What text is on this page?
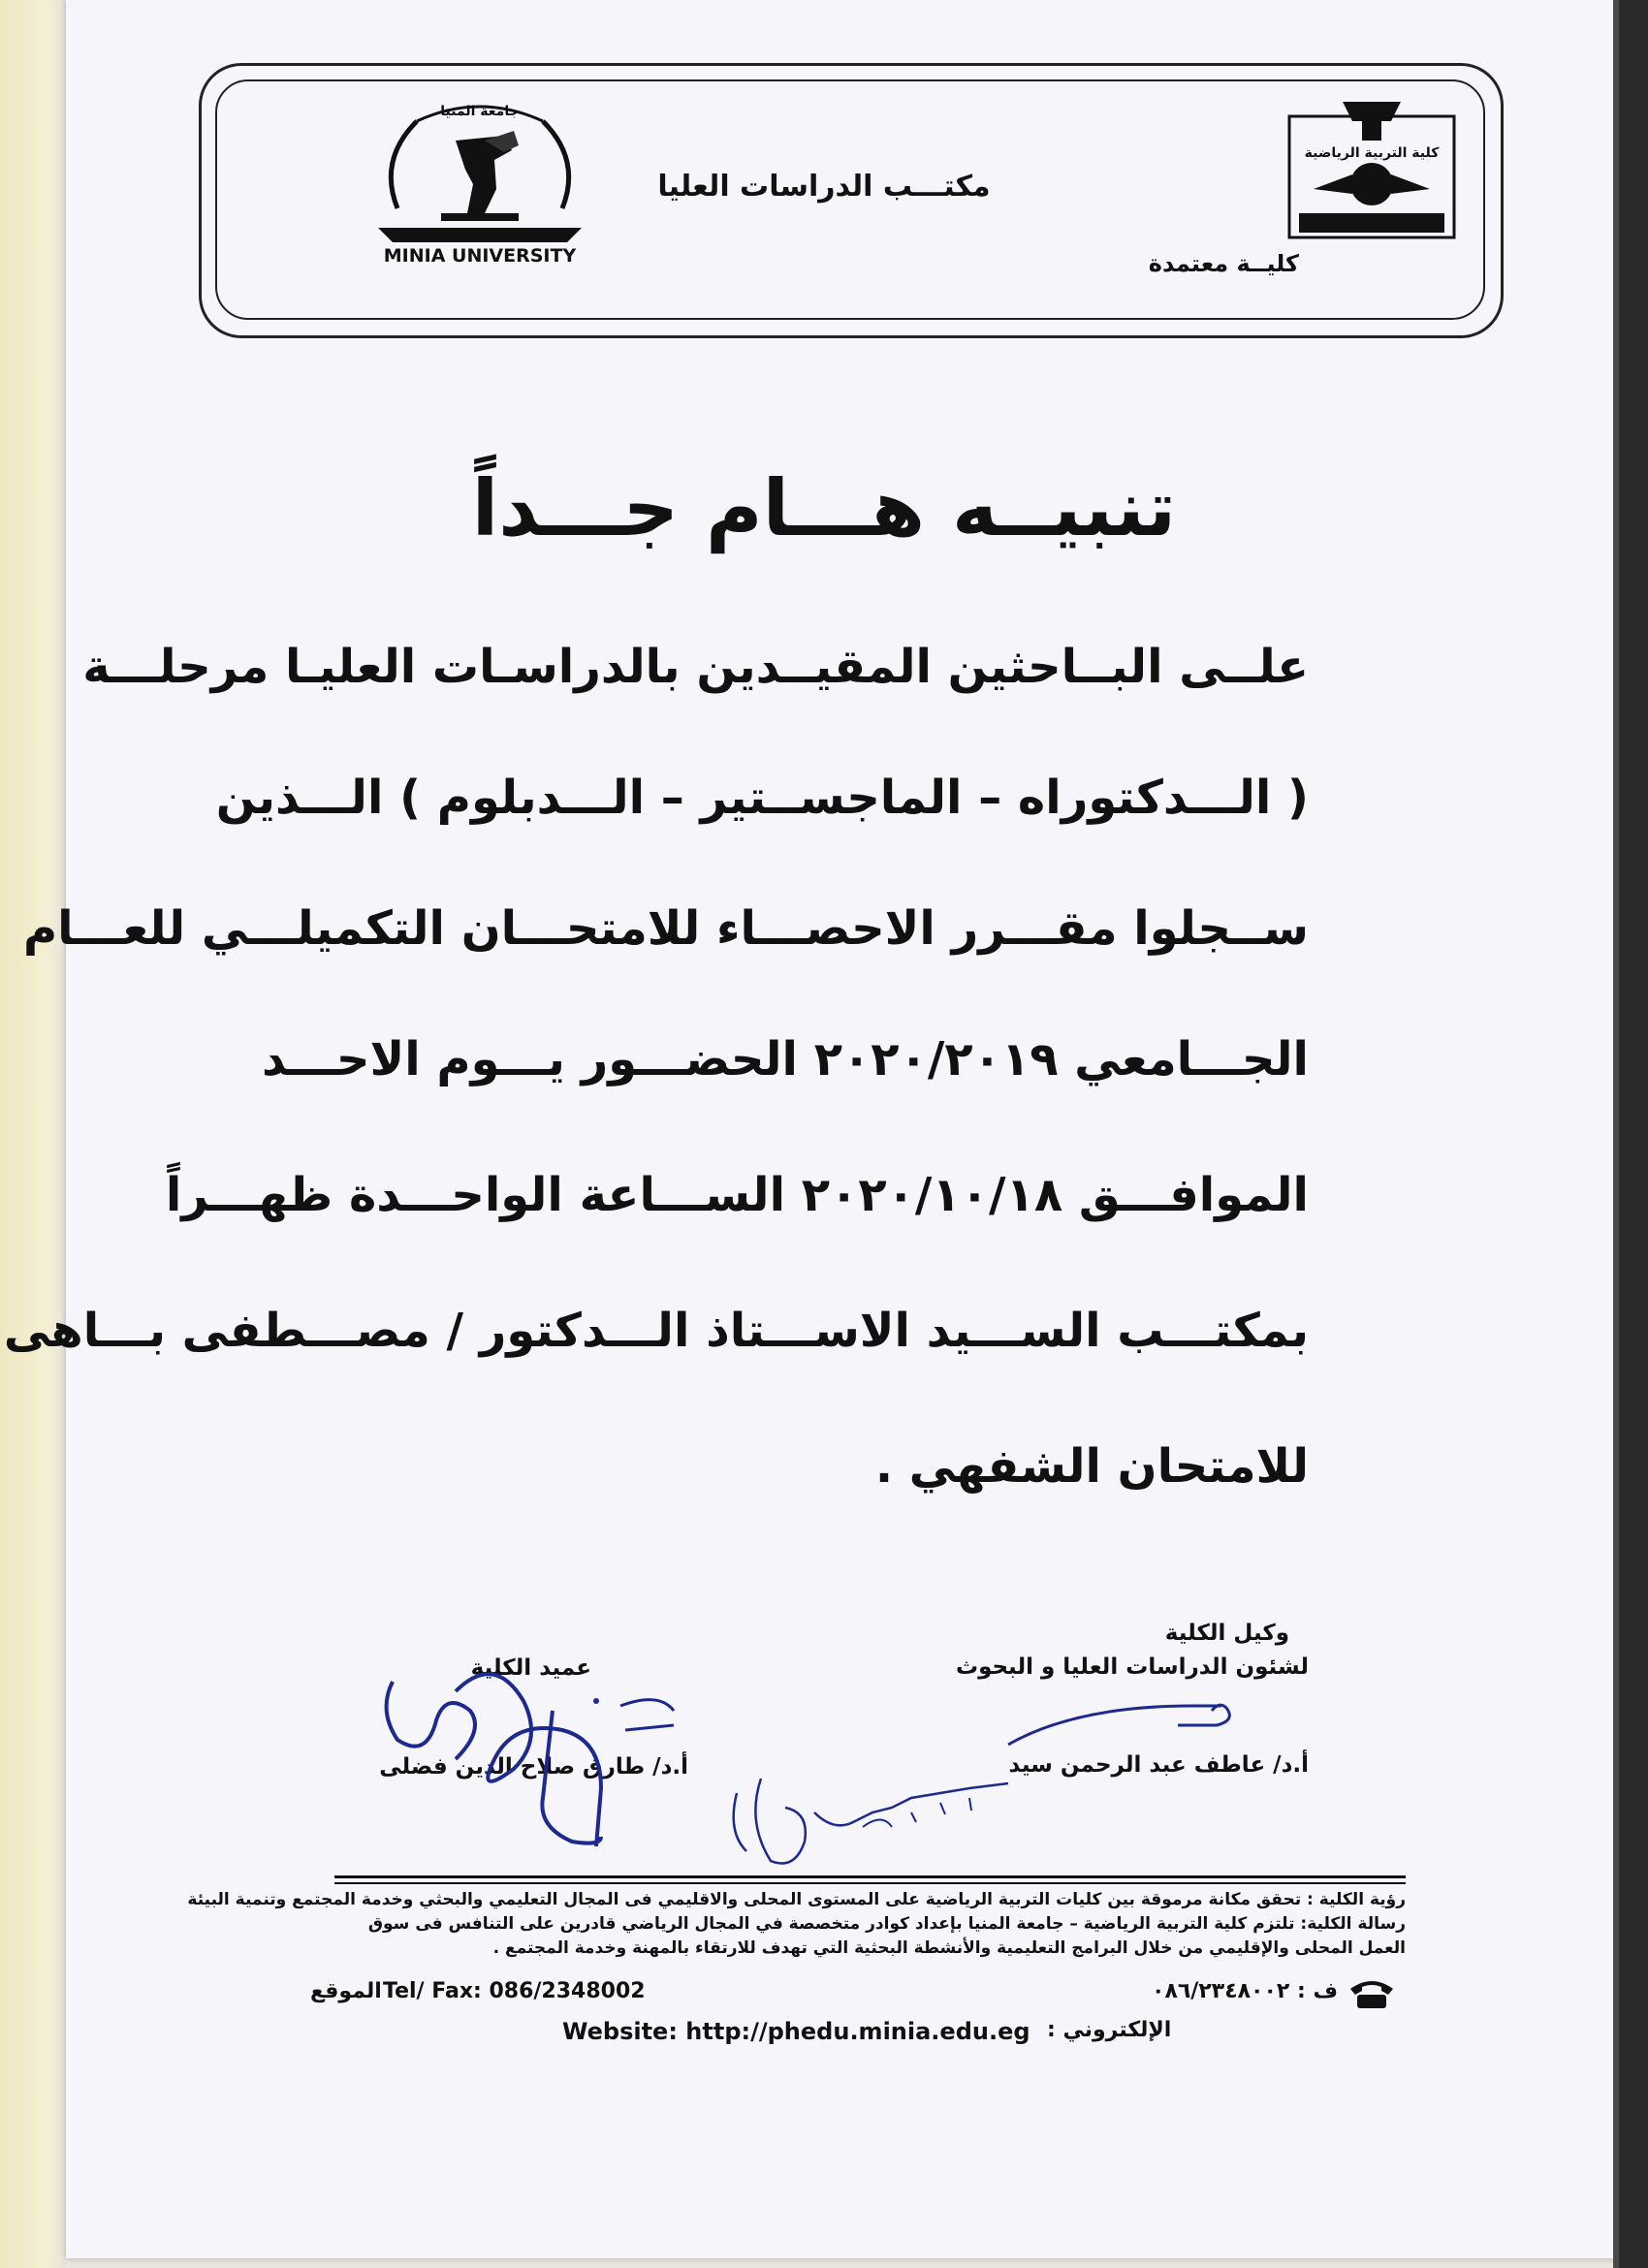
جامعة المنيا
MINIA UNIVERSITY
مكتـــب الدراسات العليا
كليــة معتمدة
كلية التربية الرياضية
تنبيــه هـــام جـــداً
علــى البــاحثين المقيــدين بالدراسـات العليـا مرحلـــة
( الـــدكتوراه – الماجســتير – الـــدبلوم ) الـــذين
ســجلوا مقـــرر الاحصـــاء للامتحـــان التكميلـــي للعـــام
الجـــامعي ٢٠٢٠/٢٠١٩ الحضـــور يـــوم الاحـــد
الموافـــق ٢٠٢٠/١٠/١٨ الســـاعة الواحـــدة ظهـــراً
بمكتـــب الســـيد الاســـتاذ الـــدكتور / مصـــطفى بـــاهى
للامتحان الشفهي .
وكيل الكلية
لشئون الدراسات العليا و البحوث
أ.د/ عاطف عبد الرحمن سيد
عميد الكلية
أ.د/ طارق صلاح الدين فضلى
رؤية الكلية : تحقق مكانة مرموقة بين كليات التربية الرياضية على المستوى المحلى والاقليمي فى المجال التعليمي والبحثي وخدمة المجتمع وتنمية البيئة
رسالة الكلية: تلتزم كلية التربية الرياضية – جامعة المنيا بإعداد كوادر متخصصة في المجال الرياضي قادرين على التنافس فى سوق
العمل المحلى والإقليمي من خلال البرامج التعليمية والأنشطة البحثية التي تهدف للارتقاء بالمهنة وخدمة المجتمع .
ف : ٠٨٦/٢٣٤٨٠٠٢
Tel/ Fax: 086/2348002
الموقع
Website: http://phedu.minia.edu.eg الإلكتروني :
